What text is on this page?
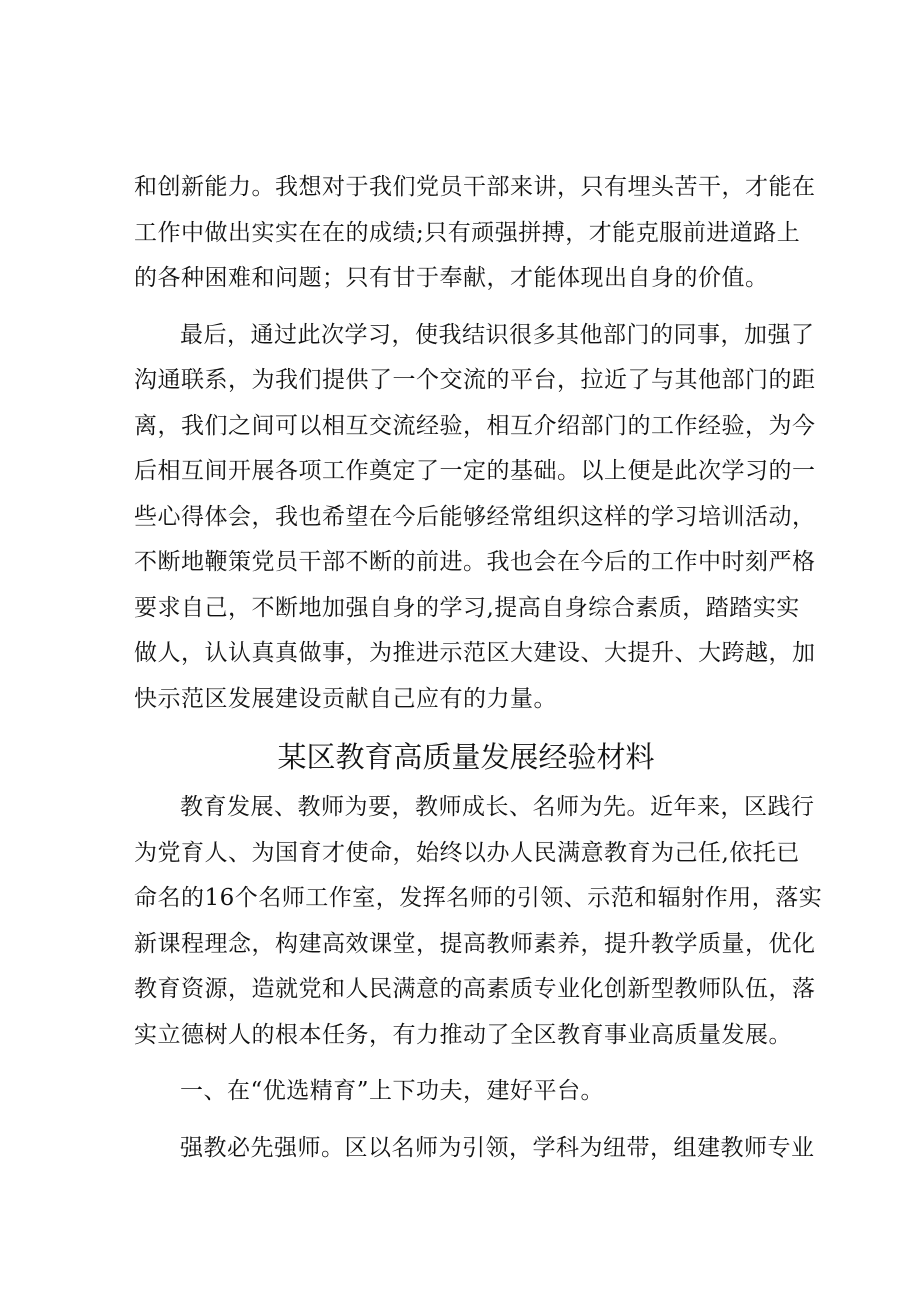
和创新能力。我想对于我们党员干部来讲，只有埋头苦干，才能在
工作中做出实实在在的成绩;只有顽强拼搏，才能克服前进道路上
的各种困难和问题；只有甘于奉献，才能体现出自身的价值。
最后，通过此次学习，使我结识很多其他部门的同事，加强了
沟通联系，为我们提供了一个交流的平台，拉近了与其他部门的距
离，我们之间可以相互交流经验，相互介绍部门的工作经验，为今
后相互间开展各项工作奠定了一定的基础。以上便是此次学习的一
些心得体会，我也希望在今后能够经常组织这样的学习培训活动，
不断地鞭策党员干部不断的前进。我也会在今后的工作中时刻严格
要求自己，不断地加强自身的学习,提高自身综合素质，踏踏实实
做人，认认真真做事，为推进示范区大建设、大提升、大跨越，加
快示范区发展建设贡献自己应有的力量。
某区教育高质量发展经验材料
教育发展、教师为要，教师成长、名师为先。近年来，区践行
为党育人、为国育才使命，始终以办人民满意教育为己任,依托已
命名的16个名师工作室，发挥名师的引领、示范和辐射作用，落实
新课程理念，构建高效课堂，提高教师素养，提升教学质量，优化
教育资源，造就党和人民满意的高素质专业化创新型教师队伍，落
实立德树人的根本任务，有力推动了全区教育事业高质量发展。
一、在“优选精育”上下功夫，建好平台。
强教必先强师。区以名师为引领，学科为纽带，组建教师专业
